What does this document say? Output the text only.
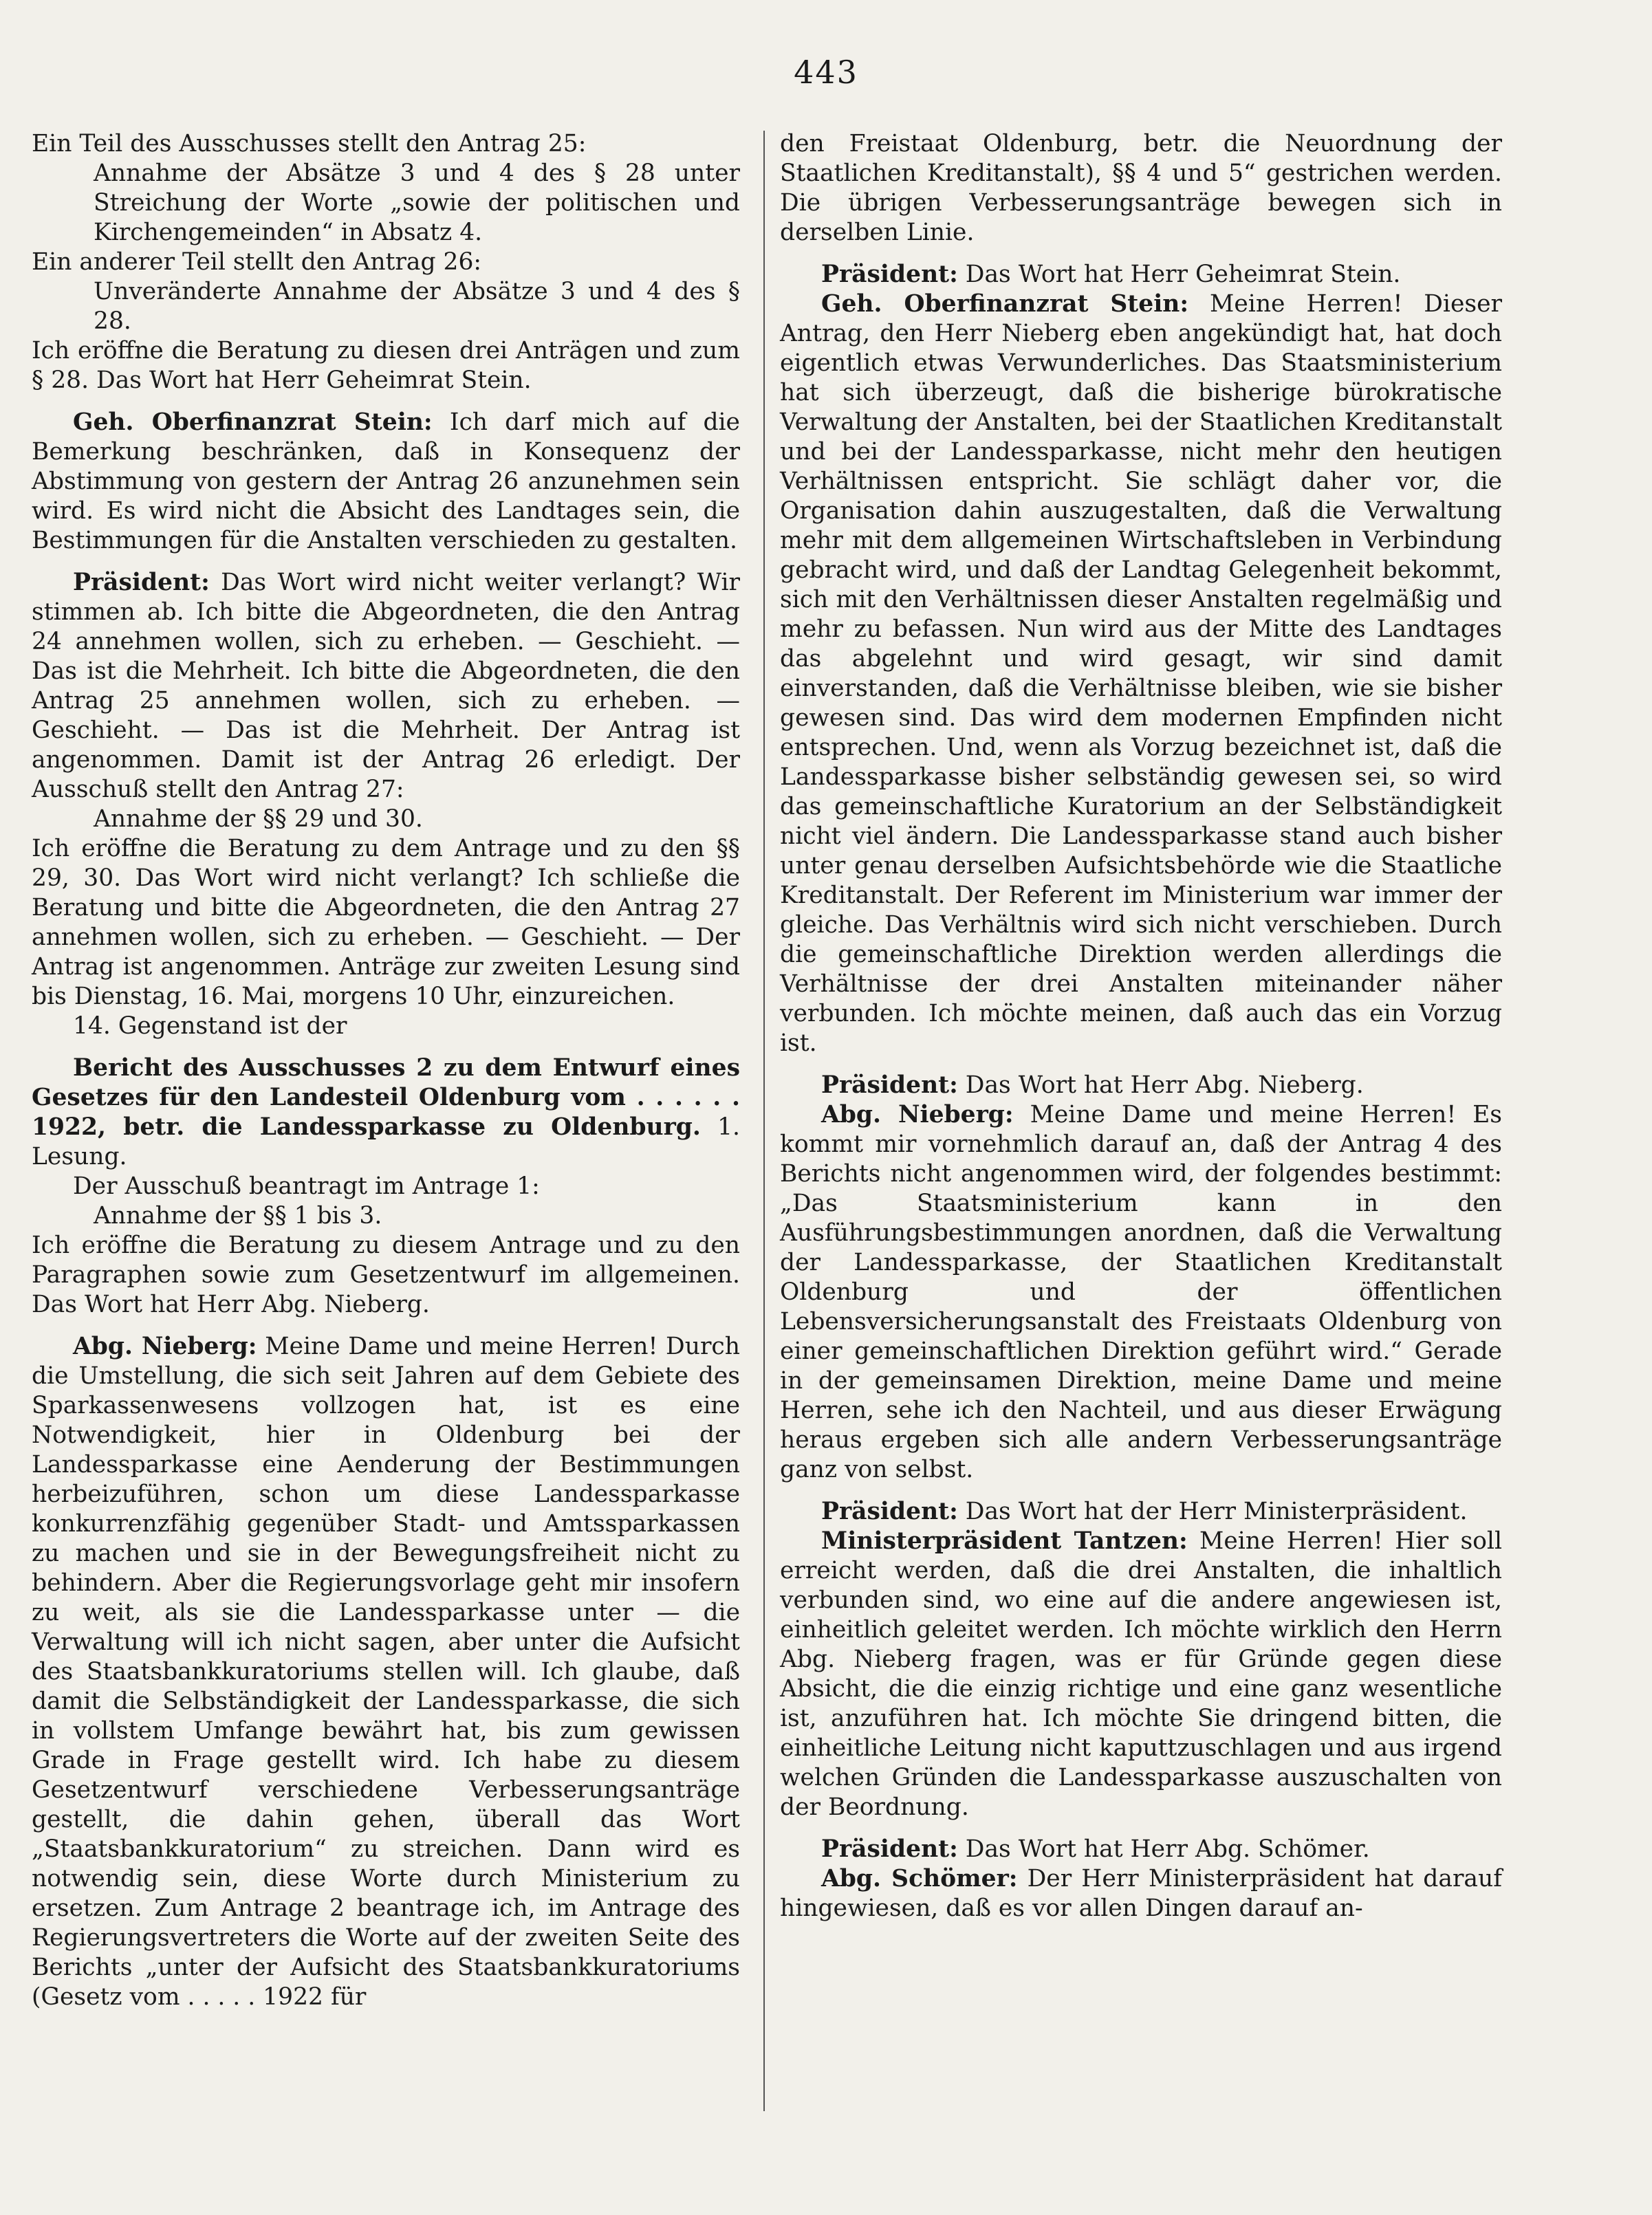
443

Ein Teil des Ausschusses stellt den Antrag 25:

Annahme der Absätze 3 und 4 des § 28 unter Streichung der Worte „sowie der politischen und Kirchengemeinden“ in Absatz 4.

Ein anderer Teil stellt den Antrag 26:

Unveränderte Annahme der Absätze 3 und 4 des § 28.

Ich eröffne die Beratung zu diesen drei Anträgen und zum § 28. Das Wort hat Herr Geheimrat Stein.

Geh. Oberfinanzrat Stein: Ich darf mich auf die Bemerkung beschränken, daß in Konsequenz der Abstimmung von gestern der Antrag 26 anzunehmen sein wird. Es wird nicht die Absicht des Landtages sein, die Bestimmungen für die Anstalten verschieden zu gestalten.

Präsident: Das Wort wird nicht weiter verlangt? Wir stimmen ab. Ich bitte die Abgeordneten, die den Antrag 24 annehmen wollen, sich zu erheben. — Geschieht. — Das ist die Mehrheit. Ich bitte die Abgeordneten, die den Antrag 25 annehmen wollen, sich zu erheben. — Geschieht. — Das ist die Mehrheit. Der Antrag ist angenommen. Damit ist der Antrag 26 erledigt. Der Ausschuß stellt den Antrag 27:

Annahme der §§ 29 und 30.

Ich eröffne die Beratung zu dem Antrage und zu den §§ 29, 30. Das Wort wird nicht verlangt? Ich schließe die Beratung und bitte die Abgeordneten, die den Antrag 27 annehmen wollen, sich zu erheben. — Geschieht. — Der Antrag ist angenommen. Anträge zur zweiten Lesung sind bis Dienstag, 16. Mai, morgens 10 Uhr, einzureichen.

14. Gegenstand ist der

Bericht des Ausschusses 2 zu dem Entwurf eines Gesetzes für den Landesteil Oldenburg vom . . . . . . 1922, betr. die Landessparkasse zu Oldenburg. 1. Lesung.

Der Ausschuß beantragt im Antrage 1:

Annahme der §§ 1 bis 3.

Ich eröffne die Beratung zu diesem Antrage und zu den Paragraphen sowie zum Gesetzentwurf im allgemeinen. Das Wort hat Herr Abg. Nieberg.

Abg. Nieberg: Meine Dame und meine Herren! Durch die Umstellung, die sich seit Jahren auf dem Gebiete des Sparkassenwesens vollzogen hat, ist es eine Notwendigkeit, hier in Oldenburg bei der Landessparkasse eine Aenderung der Bestimmungen herbeizuführen, schon um diese Landessparkasse konkurrenzfähig gegenüber Stadt- und Amtssparkassen zu machen und sie in der Bewegungsfreiheit nicht zu behindern. Aber die Regierungsvorlage geht mir insofern zu weit, als sie die Landessparkasse unter — die Verwaltung will ich nicht sagen, aber unter die Aufsicht des Staatsbankkuratoriums stellen will. Ich glaube, daß damit die Selbständigkeit der Landessparkasse, die sich in vollstem Umfange bewährt hat, bis zum gewissen Grade in Frage gestellt wird. Ich habe zu diesem Gesetzentwurf verschiedene Verbesserungsanträge gestellt, die dahin gehen, überall das Wort „Staatsbankkuratorium“ zu streichen. Dann wird es notwendig sein, diese Worte durch Ministerium zu ersetzen. Zum Antrage 2 beantrage ich, im Antrage des Regierungsvertreters die Worte auf der zweiten Seite des Berichts „unter der Aufsicht des Staatsbankkuratoriums (Gesetz vom . . . . . 1922 für

den Freistaat Oldenburg, betr. die Neuordnung der Staatlichen Kreditanstalt), §§ 4 und 5“ gestrichen werden. Die übrigen Verbesserungsanträge bewegen sich in derselben Linie.

Präsident: Das Wort hat Herr Geheimrat Stein.

Geh. Oberfinanzrat Stein: Meine Herren! Dieser Antrag, den Herr Nieberg eben angekündigt hat, hat doch eigentlich etwas Verwunderliches. Das Staatsministerium hat sich überzeugt, daß die bisherige bürokratische Verwaltung der Anstalten, bei der Staatlichen Kreditanstalt und bei der Landessparkasse, nicht mehr den heutigen Verhältnissen entspricht. Sie schlägt daher vor, die Organisation dahin auszugestalten, daß die Verwaltung mehr mit dem allgemeinen Wirtschaftsleben in Verbindung gebracht wird, und daß der Landtag Gelegenheit bekommt, sich mit den Verhältnissen dieser Anstalten regelmäßig und mehr zu befassen. Nun wird aus der Mitte des Landtages das abgelehnt und wird gesagt, wir sind damit einverstanden, daß die Verhältnisse bleiben, wie sie bisher gewesen sind. Das wird dem modernen Empfinden nicht entsprechen. Und, wenn als Vorzug bezeichnet ist, daß die Landessparkasse bisher selbständig gewesen sei, so wird das gemeinschaftliche Kuratorium an der Selbständigkeit nicht viel ändern. Die Landessparkasse stand auch bisher unter genau derselben Aufsichtsbehörde wie die Staatliche Kreditanstalt. Der Referent im Ministerium war immer der gleiche. Das Verhältnis wird sich nicht verschieben. Durch die gemeinschaftliche Direktion werden allerdings die Verhältnisse der drei Anstalten miteinander näher verbunden. Ich möchte meinen, daß auch das ein Vorzug ist.

Präsident: Das Wort hat Herr Abg. Nieberg.

Abg. Nieberg: Meine Dame und meine Herren! Es kommt mir vornehmlich darauf an, daß der Antrag 4 des Berichts nicht angenommen wird, der folgendes bestimmt: „Das Staatsministerium kann in den Ausführungsbestimmungen anordnen, daß die Verwaltung der Landessparkasse, der Staatlichen Kreditanstalt Oldenburg und der öffentlichen Lebensversicherungsanstalt des Freistaats Oldenburg von einer gemeinschaftlichen Direktion geführt wird.“ Gerade in der gemeinsamen Direktion, meine Dame und meine Herren, sehe ich den Nachteil, und aus dieser Erwägung heraus ergeben sich alle andern Verbesserungsanträge ganz von selbst.

Präsident: Das Wort hat der Herr Ministerpräsident.

Ministerpräsident Tantzen: Meine Herren! Hier soll erreicht werden, daß die drei Anstalten, die inhaltlich verbunden sind, wo eine auf die andere angewiesen ist, einheitlich geleitet werden. Ich möchte wirklich den Herrn Abg. Nieberg fragen, was er für Gründe gegen diese Absicht, die die einzig richtige und eine ganz wesentliche ist, anzuführen hat. Ich möchte Sie dringend bitten, die einheitliche Leitung nicht kaputtzuschlagen und aus irgend welchen Gründen die Landessparkasse auszuschalten von der Beordnung.

Präsident: Das Wort hat Herr Abg. Schömer.

Abg. Schömer: Der Herr Ministerpräsident hat darauf hingewiesen, daß es vor allen Dingen darauf an-
